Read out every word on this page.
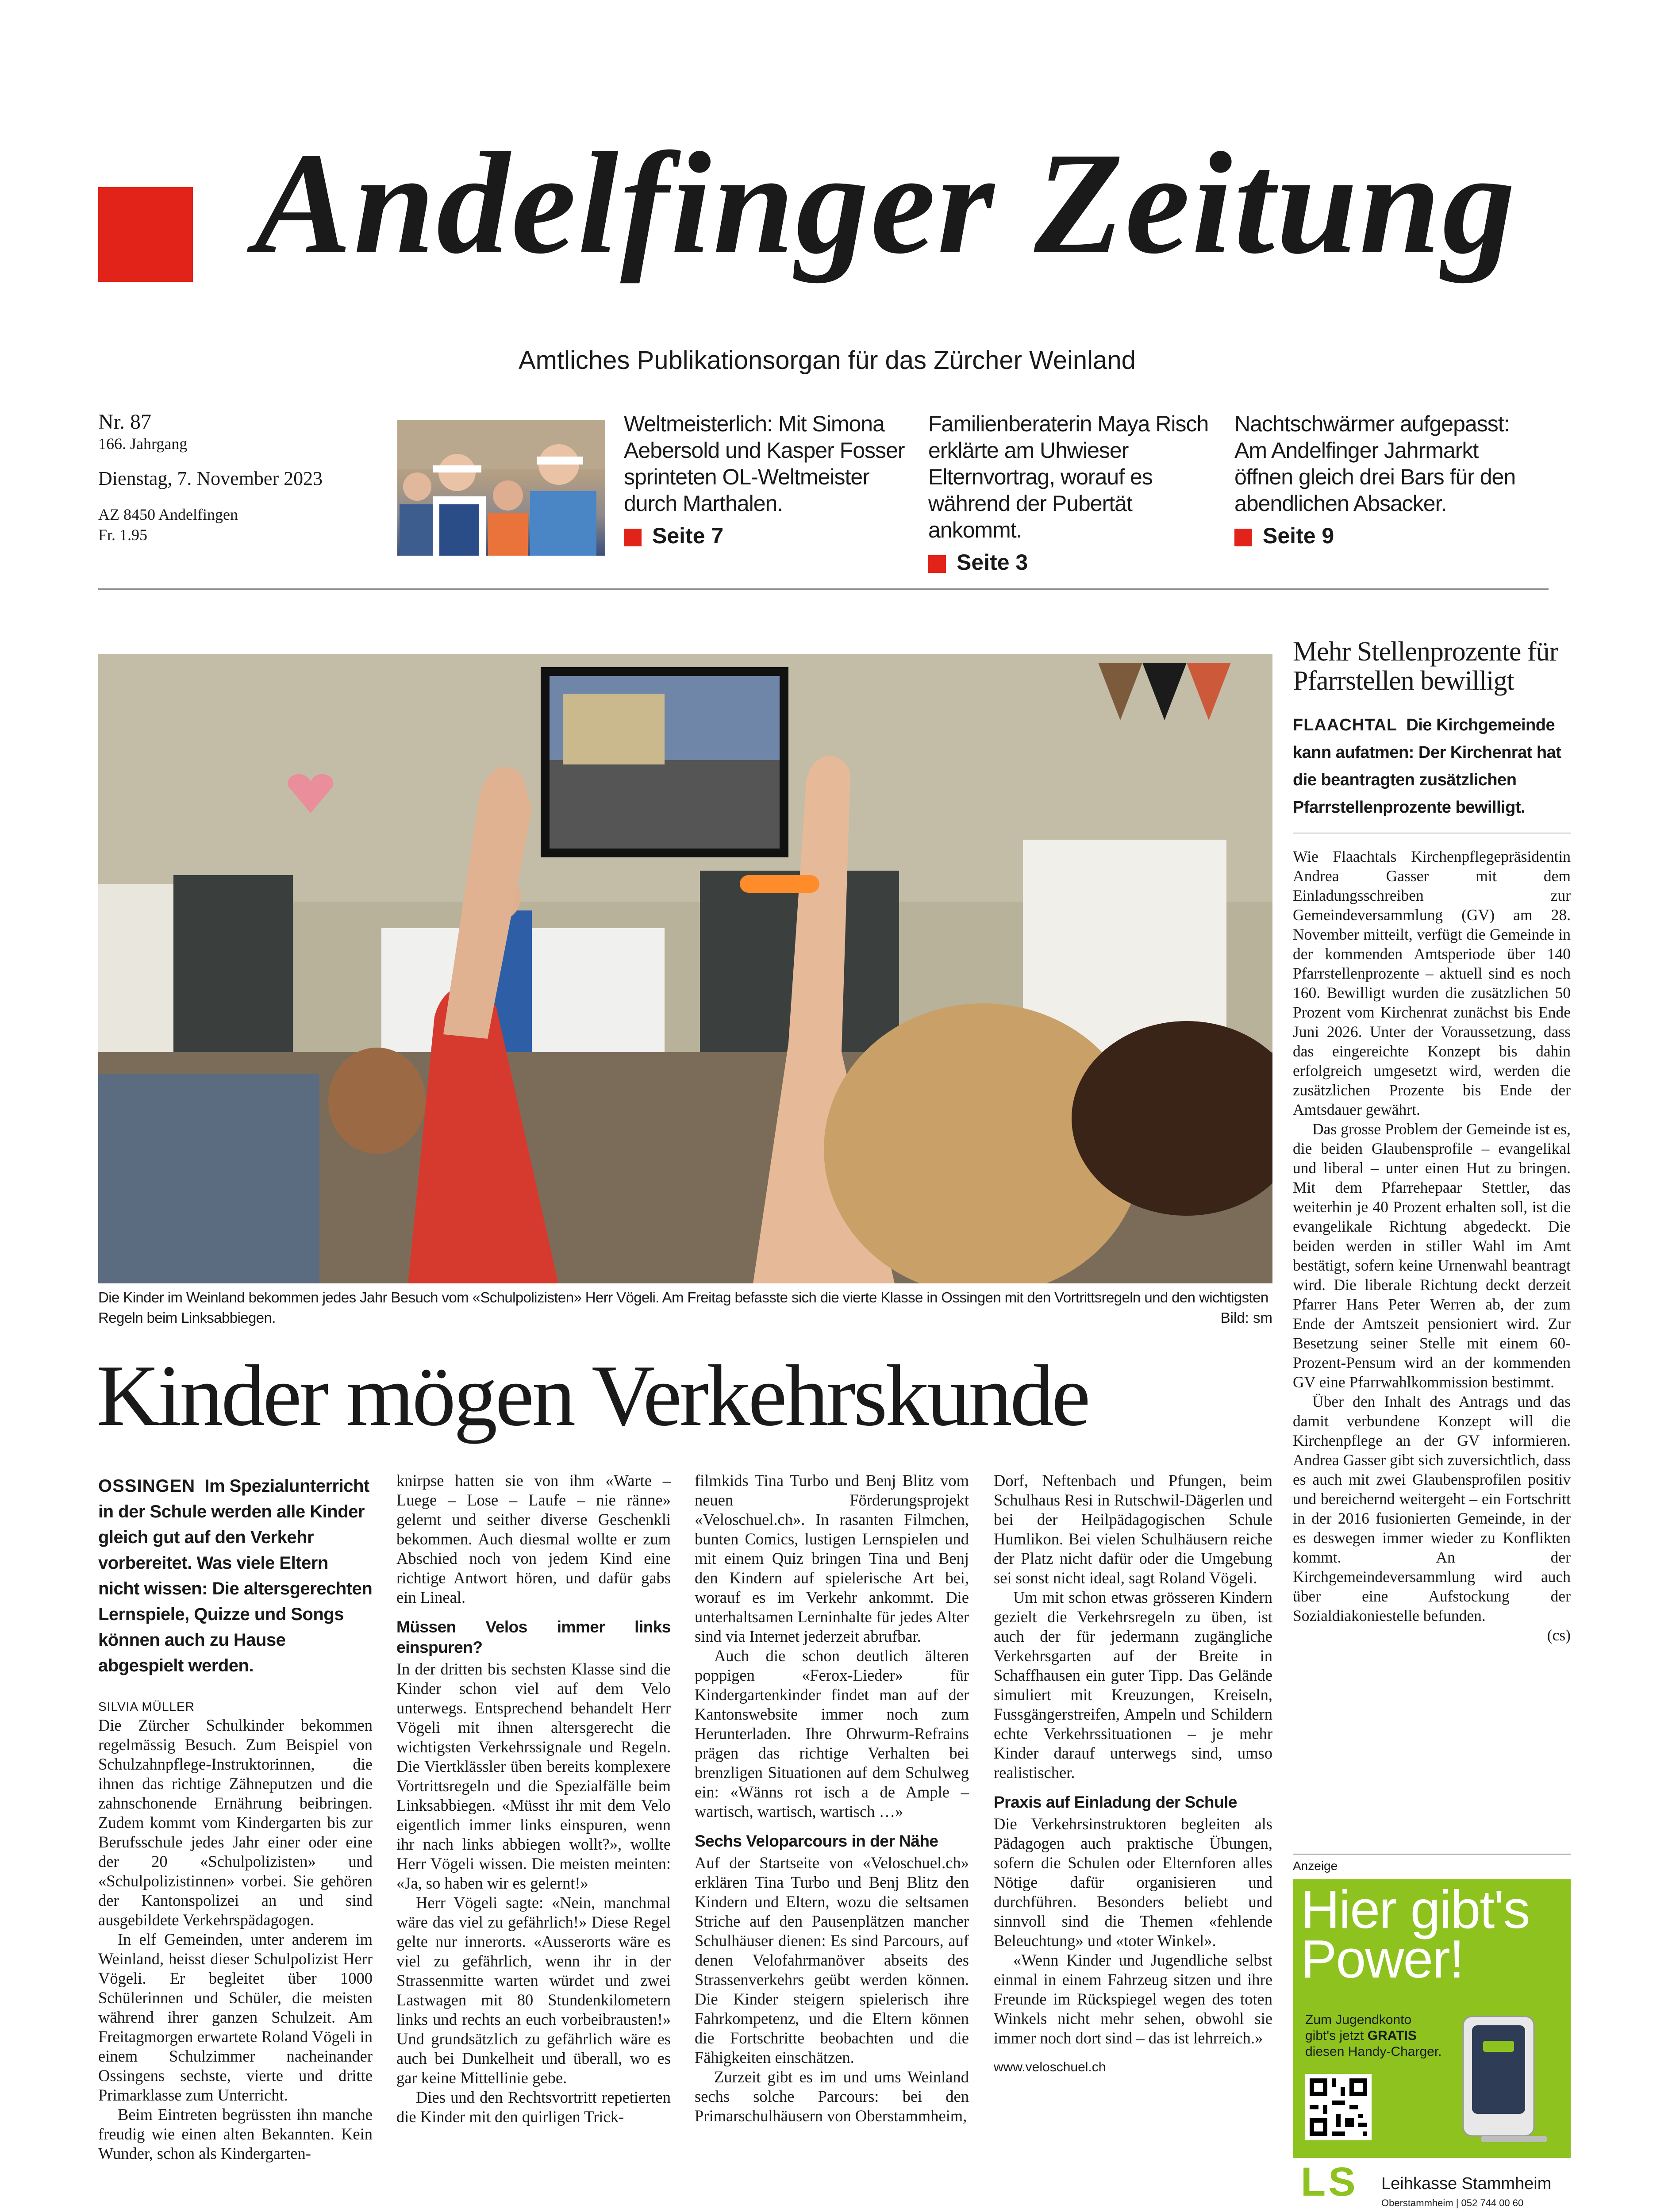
Andelfinger Zeitung
Amtliches Publikationsorgan für das Zürcher Weinland
Nr. 87
166. Jahrgang
Dienstag, 7. November 2023
AZ 8450 Andelfingen
Fr. 1.95
Weltmeisterlich: Mit Simona Aebersold und Kasper Fosser sprinteten OL-Weltmeister durch Marthalen.
Seite 7
Familienberaterin Maya Risch erklärte am Uhwieser Elternvortrag, worauf es während der Pubertät ankommt.
Seite 3
Nachtschwärmer aufgepasst: Am Andelfinger Jahrmarkt öffnen gleich drei Bars für den abendlichen Absacker.
Seite 9
Die Kinder im Weinland bekommen jedes Jahr Besuch vom «Schulpolizisten» Herr Vögeli. Am Freitag befasste sich die vierte Klasse in Ossingen mit den Vortrittsregeln und den wichtigsten Regeln beim Linksabbiegen.	Bild: sm
Kinder mögen Verkehrskunde
OSSINGEN Im Spezialunterricht in der Schule werden alle Kinder gleich gut auf den Verkehr vorbereitet. Was viele Eltern nicht wissen: Die altersgerechten Lernspiele, Quizze und Songs können auch zu Hause abgespielt werden.
SILVIA MÜLLER

Die Zürcher Schulkinder bekommen regelmässig Besuch. Zum Beispiel von Schulzahnpflege-Instruktorinnen, die ihnen das richtige Zähneputzen und die zahnschonende Ernährung beibringen. Zudem kommt vom Kindergarten bis zur Berufsschule jedes Jahr einer oder eine der 20 «Schulpolizisten» und «Schulpolizistinnen» vorbei. Sie gehören der Kantonspolizei an und sind ausgebildete Verkehrspädagogen.

In elf Gemeinden, unter anderem im Weinland, heisst dieser Schulpolizist Herr Vögeli. Er begleitet über 1000 Schülerinnen und Schüler, die meisten während ihrer ganzen Schulzeit. Am Freitagmorgen erwartete Roland Vögeli in einem Schulzimmer nacheinander Ossingens sechste, vierte und dritte Primarklasse zum Unterricht.

Beim Eintreten begrüssten ihn manche freudig wie einen alten Bekannten. Kein Wunder, schon als Kindergarten-

knirpse hatten sie von ihm «Warte – Luege – Lose – Laufe – nie ränne» gelernt und seither diverse Geschenkli bekommen. Auch diesmal wollte er zum Abschied noch von jedem Kind eine richtige Antwort hören, und dafür gabs ein Lineal.

Müssen Velos immer links einspuren?

In der dritten bis sechsten Klasse sind die Kinder schon viel auf dem Velo unterwegs. Entsprechend behandelt Herr Vögeli mit ihnen altersgerecht die wichtigsten Verkehrssignale und Regeln. Die Viertklässler üben bereits komplexere Vortrittsregeln und die Spezialfälle beim Linksabbiegen. «Müsst ihr mit dem Velo eigentlich immer links einspuren, wenn ihr nach links abbiegen wollt?», wollte Herr Vögeli wissen. Die meisten meinten: «Ja, so haben wir es gelernt!»

Herr Vögeli sagte: «Nein, manchmal wäre das viel zu gefährlich!» Diese Regel gelte nur innerorts. «Ausserorts wäre es viel zu gefährlich, wenn ihr in der Strassenmitte warten würdet und zwei Lastwagen mit 80 Stundenkilometern links und rechts an euch vorbeibrausten!» Und grundsätzlich zu gefährlich wäre es auch bei Dunkelheit und überall, wo es gar keine Mittellinie gebe.

Dies und den Rechtsvortritt repetierten die Kinder mit den quirligen Trick-

filmkids Tina Turbo und Benj Blitz vom neuen Förderungsprojekt «Veloschuel.ch». In rasanten Filmchen, bunten Comics, lustigen Lernspielen und mit einem Quiz bringen Tina und Benj den Kindern auf spielerische Art bei, worauf es im Verkehr ankommt. Die unterhaltsamen Lerninhalte für jedes Alter sind via Internet jederzeit abrufbar.

Auch die schon deutlich älteren poppigen «Ferox-Lieder» für Kindergartenkinder findet man auf der Kantonswebsite immer noch zum Herunterladen. Ihre Ohrwurm-Refrains prägen das richtige Verhalten bei brenzligen Situationen auf dem Schulweg ein: «Wänns rot isch a de Ample – wartisch, wartisch, wartisch …»

Sechs Veloparcours in der Nähe

Auf der Startseite von «Veloschuel.ch» erklären Tina Turbo und Benj Blitz den Kindern und Eltern, wozu die seltsamen Striche auf den Pausenplätzen mancher Schulhäuser dienen: Es sind Parcours, auf denen Velofahrmanöver abseits des Strassenverkehrs geübt werden können. Die Kinder steigern spielerisch ihre Fahrkompetenz, und die Eltern können die Fortschritte beobachten und die Fähigkeiten einschätzen.

Zurzeit gibt es im und ums Weinland sechs solche Parcours: bei den Primarschulhäusern von Oberstammheim,

Dorf, Neftenbach und Pfungen, beim Schulhaus Resi in Rutschwil-Dägerlen und bei der Heilpädagogischen Schule Humlikon. Bei vielen Schulhäusern reiche der Platz nicht dafür oder die Umgebung sei sonst nicht ideal, sagt Roland Vögeli.

Um mit schon etwas grösseren Kindern gezielt die Verkehrsregeln zu üben, ist auch der für jedermann zugängliche Verkehrsgarten auf der Breite in Schaffhausen ein guter Tipp. Das Gelände simuliert mit Kreuzungen, Kreiseln, Fussgängerstreifen, Ampeln und Schildern echte Verkehrssituationen – je mehr Kinder darauf unterwegs sind, umso realistischer.

Praxis auf Einladung der Schule

Die Verkehrsinstruktoren begleiten als Pädagogen auch praktische Übungen, sofern die Schulen oder Elternforen alles Nötige dafür organisieren und durchführen. Besonders beliebt und sinnvoll sind die Themen «fehlende Beleuchtung» und «toter Winkel».

«Wenn Kinder und Jugendliche selbst einmal in einem Fahrzeug sitzen und ihre Freunde im Rückspiegel wegen des toten Winkels nicht mehr sehen, obwohl sie immer noch dort sind – das ist lehrreich.»

www.veloschuel.ch
Mehr Stellenprozente für Pfarrstellen bewilligt
FLAACHTAL Die Kirchgemeinde kann aufatmen: Der Kirchenrat hat die beantragten zusätzlichen Pfarrstellenprozente bewilligt.

Wie Flaachtals Kirchenpflegepräsidentin Andrea Gasser mit dem Einladungsschreiben zur Gemeindeversammlung (GV) am 28. November mitteilt, verfügt die Gemeinde in der kommenden Amtsperiode über 140 Pfarrstellenprozente – aktuell sind es noch 160. Bewilligt wurden die zusätzlichen 50 Prozent vom Kirchenrat zunächst bis Ende Juni 2026. Unter der Voraussetzung, dass das eingereichte Konzept bis dahin erfolgreich umgesetzt wird, werden die zusätzlichen Prozente bis Ende der Amtsdauer gewährt.

Das grosse Problem der Gemeinde ist es, die beiden Glaubensprofile – evangelikal und liberal – unter einen Hut zu bringen. Mit dem Pfarrehepaar Stettler, das weiterhin je 40 Prozent erhalten soll, ist die evangelikale Richtung abgedeckt. Die beiden werden in stiller Wahl im Amt bestätigt, sofern keine Urnenwahl beantragt wird. Die liberale Richtung deckt derzeit Pfarrer Hans Peter Werren ab, der zum Ende der Amtszeit pensioniert wird. Zur Besetzung seiner Stelle mit einem 60-Prozent-Pensum wird an der kommenden GV eine Pfarrwahlkommission bestimmt.

Über den Inhalt des Antrags und das damit verbundene Konzept will die Kirchenpflege an der GV informieren. Andrea Gasser gibt sich zuversichtlich, dass es auch mit zwei Glaubensprofilen positiv und bereichernd weitergeht – ein Fortschritt in der 2016 fusionierten Gemeinde, in der es deswegen immer wieder zu Konflikten kommt. An der Kirchgemeindeversammlung wird auch über eine Aufstockung der Sozialdiakoniestelle befunden.

(cs)
Anzeige
Hier gibt's
Power!
Zum Jugendkonto
gibt's jetzt GRATIS
diesen Handy-Charger.
LS Leihkasse Stammheim
Oberstammheim | 052 744 00 60
